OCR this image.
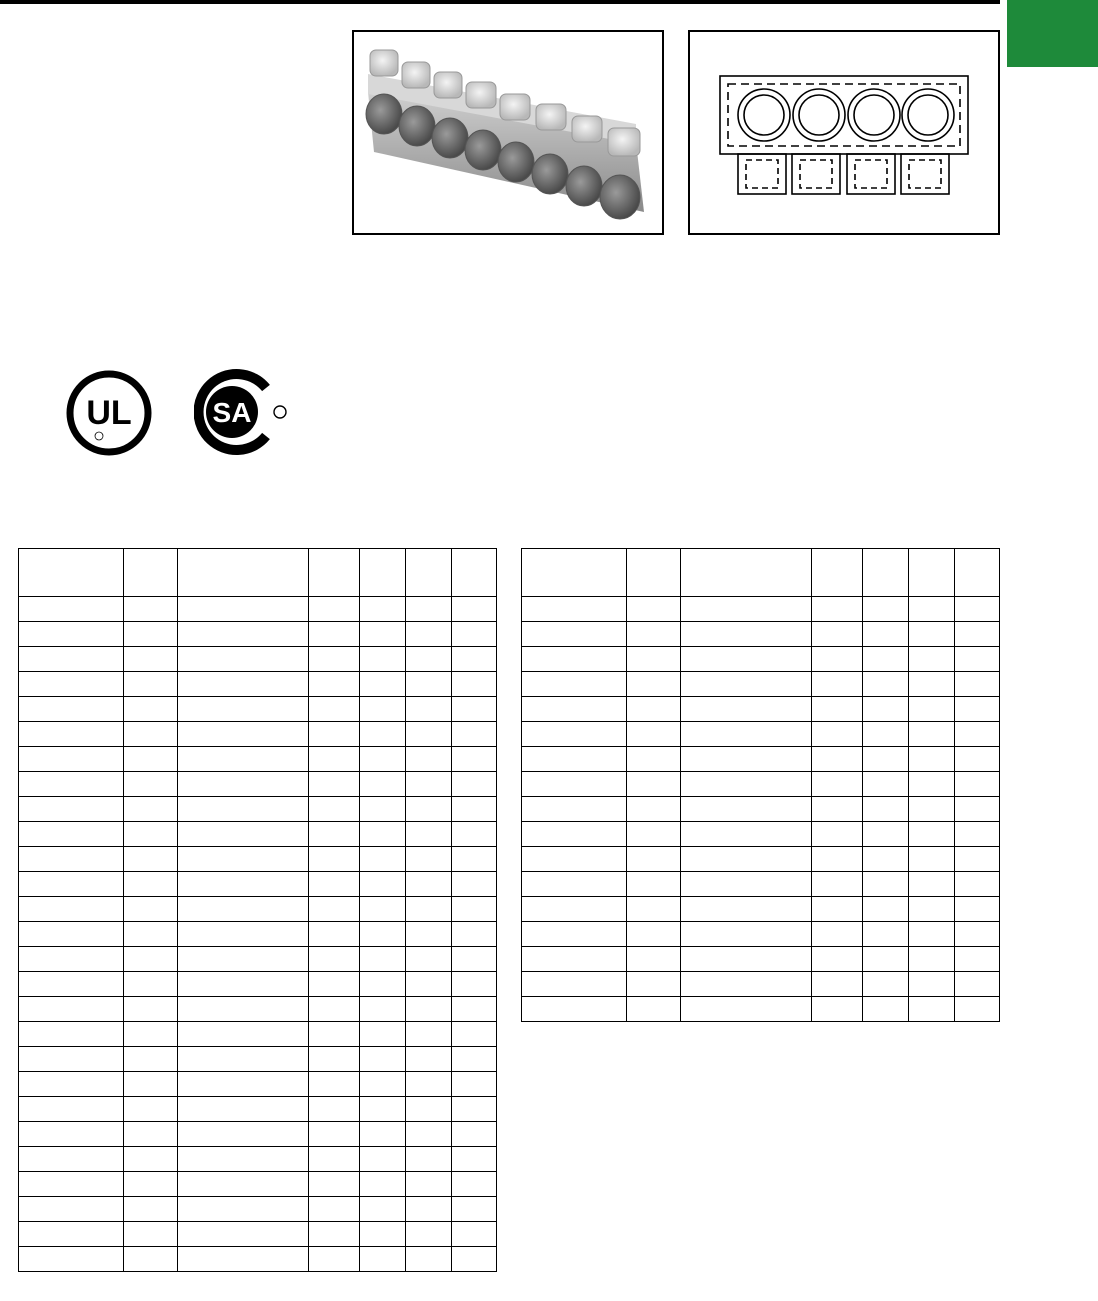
UL	SA
